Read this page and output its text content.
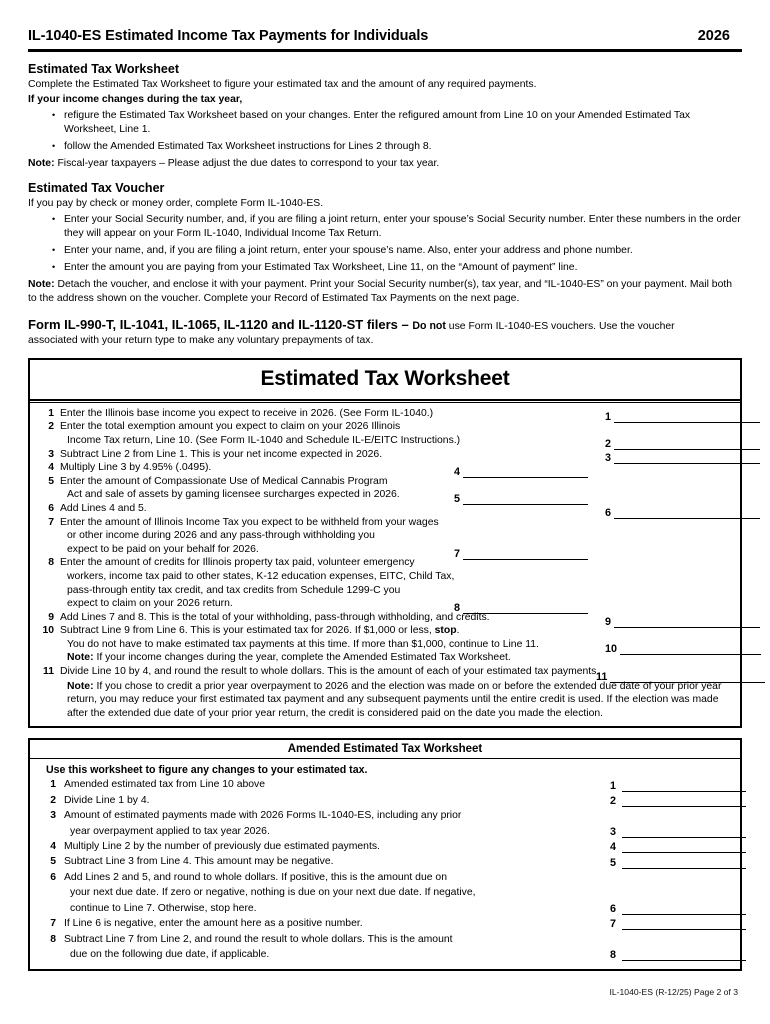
IL-1040-ES Estimated Income Tax Payments for Individuals	2026
Estimated Tax Worksheet

Complete the Estimated Tax Worksheet to figure your estimated tax and the amount of any required payments.

If your income changes during the tax year,

• refigure the Estimated Tax Worksheet based on your changes. Enter the refigured amount from Line 10 on your Amended Estimated Tax Worksheet, Line 1.
• follow the Amended Estimated Tax Worksheet instructions for Lines 2 through 8.

Note: Fiscal-year taxpayers – Please adjust the due dates to correspond to your tax year.

Estimated Tax Voucher

If you pay by check or money order, complete Form IL-1040-ES.

• Enter your Social Security number, and, if you are filing a joint return, enter your spouse’s Social Security number. Enter these numbers in the order they will appear on your Form IL-1040, Individual Income Tax Return.
• Enter your name, and, if you are filing a joint return, enter your spouse’s name. Also, enter your address and phone number.
• Enter the amount you are paying from your Estimated Tax Worksheet, Line 11, on the “Amount of payment” line.

Note: Detach the voucher, and enclose it with your payment. Print your Social Security number(s), tax year, and “IL-1040-ES” on your payment. Mail both to the address shown on the voucher. Complete your Record of Estimated Tax Payments on the next page.

Form IL-990-T, IL-1041, IL-1065, IL-1120 and IL-1120-ST filers – Do not use Form IL-1040-ES vouchers. Use the voucher
associated with your return type to make any voluntary prepayments of tax.
Estimated Tax Worksheet
1 Enter the Illinois base income you expect to receive in 2026. (See Form IL-1040.)
2 Enter the total exemption amount you expect to claim on your 2026 Illinois
Income Tax return, Line 10. (See Form IL-1040 and Schedule IL-E/EITC Instructions.)
3 Subtract Line 2 from Line 1. This is your net income expected in 2026.
4 Multiply Line 3 by 4.95% (.0495).
5 Enter the amount of Compassionate Use of Medical Cannabis Program
Act and sale of assets by gaming licensee surcharges expected in 2026.
6 Add Lines 4 and 5.
7 Enter the amount of Illinois Income Tax you expect to be withheld from your wages
or other income during 2026 and any pass-through withholding you
expect to be paid on your behalf for 2026.
8 Enter the amount of credits for Illinois property tax paid, volunteer emergency
workers, income tax paid to other states, K-12 education expenses, EITC, Child Tax,
pass-through entity tax credit, and tax credits from Schedule 1299-C you
expect to claim on your 2026 return.
9 Add Lines 7 and 8. This is the total of your withholding, pass-through withholding, and credits.
10 Subtract Line 9 from Line 6. This is your estimated tax for 2026. If $1,000 or less, stop.
You do not have to make estimated tax payments at this time. If more than $1,000, continue to Line 11.
Note: If your income changes during the year, complete the Amended Estimated Tax Worksheet.
11 Divide Line 10 by 4, and round the result to whole dollars. This is the amount of each of your estimated tax payments.
Note: If you chose to credit a prior year overpayment to 2026 and the election was made on or before the extended due date of your prior year return, you may reduce your first estimated tax payment and any subsequent payments until the entire credit is used. If the election was made after the extended due date of your prior year return, the credit is considered paid on the date you made the election.
1
2
3
4
5
6
7
8
9
10
11
Amended Estimated Tax Worksheet
Use this worksheet to figure any changes to your estimated tax.
1 Amended estimated tax from Line 10 above
2 Divide Line 1 by 4.
3 Amount of estimated payments made with 2026 Forms IL-1040-ES, including any prior
year overpayment applied to tax year 2026.
4 Multiply Line 2 by the number of previously due estimated payments.
5 Subtract Line 3 from Line 4. This amount may be negative.
6 Add Lines 2 and 5, and round to whole dollars. If positive, this is the amount due on
your next due date. If zero or negative, nothing is due on your next due date. If negative,
continue to Line 7. Otherwise, stop here.
7 If Line 6 is negative, enter the amount here as a positive number.
8 Subtract Line 7 from Line 2, and round the result to whole dollars. This is the amount
due on the following due date, if applicable.
1
2
3
4
5
6
7
8
IL-1040-ES (R-12/25) Page 2 of 3
